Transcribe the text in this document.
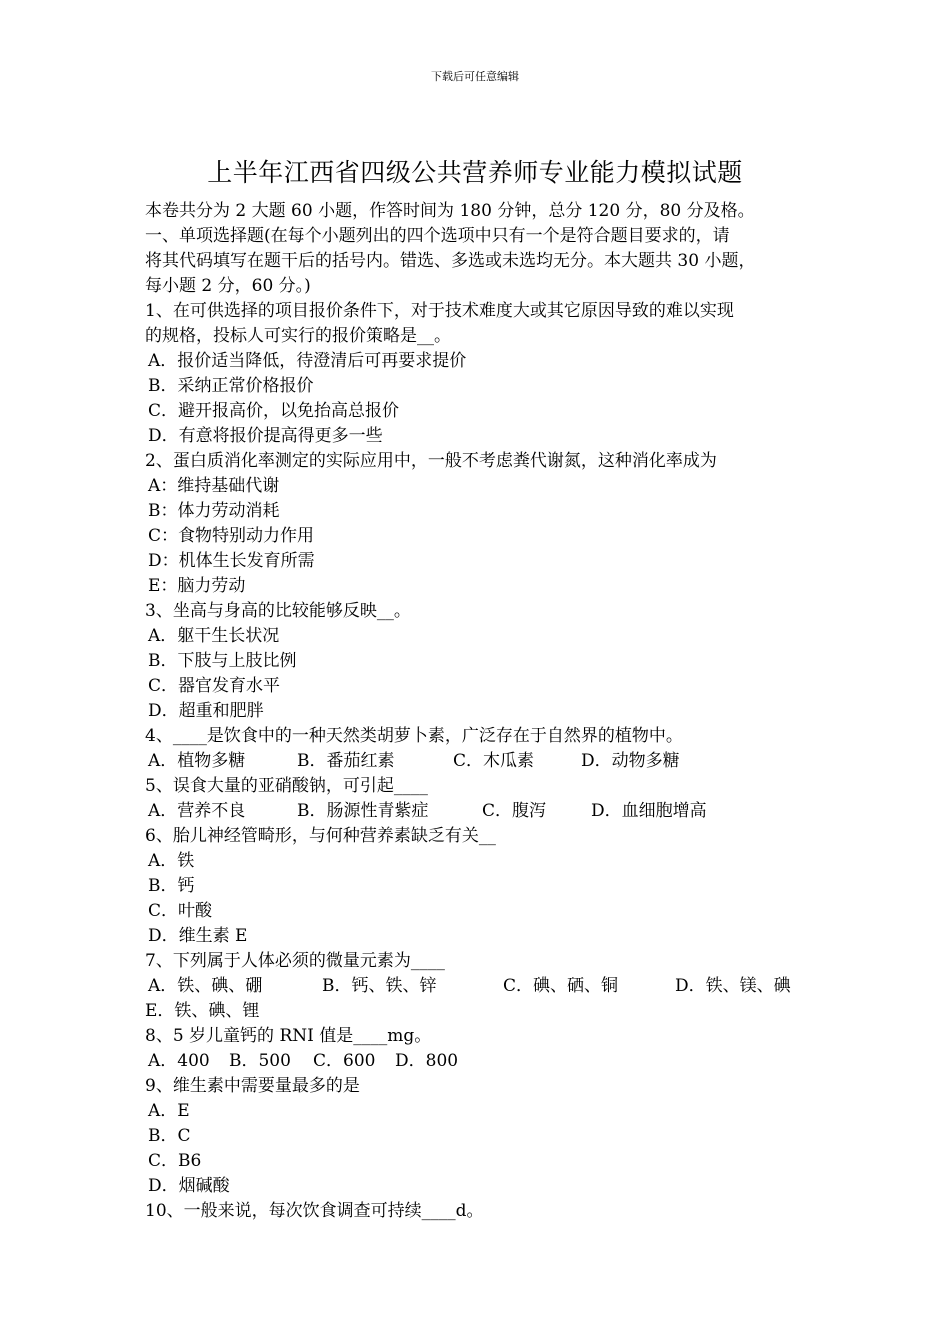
下载后可任意编辑
上半年江西省四级公共营养师专业能力模拟试题
本卷共分为 2 大题 60 小题，作答时间为 180 分钟，总分 120 分，80 分及格。
一、单项选择题(在每个小题列出的四个选项中只有一个是符合题目要求的，请
将其代码填写在题干后的括号内。错选、多选或未选均无分。本大题共 30 小题，
每小题 2 分，60 分。)
1、在可供选择的项目报价条件下，对于技术难度大或其它原因导致的难以实现
的规格，投标人可实行的报价策略是__。
A．报价适当降低，待澄清后可再要求提价
B．采纳正常价格报价
C．避开报高价，以免抬高总报价
D．有意将报价提高得更多一些
2、蛋白质消化率测定的实际应用中，一般不考虑粪代谢氮，这种消化率成为
A：维持基础代谢
B：体力劳动消耗
C：食物特别动力作用
D：机体生长发育所需
E：脑力劳动
3、坐高与身高的比较能够反映__。
A．躯干生长状况
B．下肢与上肢比例
C．器官发育水平
D．超重和肥胖
4、____是饮食中的一种天然类胡萝卜素，广泛存在于自然界的植物中。
A．植物多糖	B．番茄红素	C．木瓜素	D．动物多糖
5、误食大量的亚硝酸钠，可引起____
A．营养不良	B．肠源性青紫症	C．腹泻	D．血细胞增高
6、胎儿神经管畸形，与何种营养素缺乏有关__
A．铁
B．钙
C．叶酸
D．维生素 E
7、下列属于人体必须的微量元素为____
A．铁、碘、硼	B．钙、铁、锌	C．碘、硒、铜	D．铁、镁、碘
E．铁、碘、锂
8、5 岁儿童钙的 RNI 值是____mg。
A．400	B．500	C．600	D．800
9、维生素中需要量最多的是
A．E
B．C
C．B6
D．烟碱酸
10、一般来说，每次饮食调查可持续____d。
